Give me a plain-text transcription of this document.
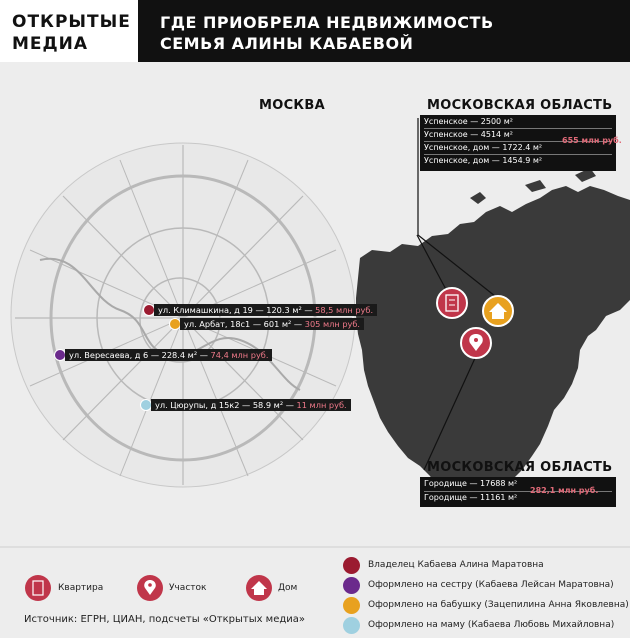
ОТКРЫТЫЕ
МЕДИА
ГДЕ ПРИОБРЕЛА НЕДВИЖИМОСТЬ
СЕМЬЯ АЛИНЫ КАБАЕВОЙ
МОСКВА	МОСКОВСКАЯ ОБЛАСТЬ
МОСКОВСКАЯ ОБЛАСТЬ
Успенское — 2500 м²
Успенское — 4514 м²
Успенское, дом — 1722.4 м²
Успенское, дом — 1454.9 м²
655 млн руб.
Городище — 17688 м²
Городище — 11161 м²
282,1 млн руб.
ул. Климашкина, д 19 — 120.3 м² — 58,5 млн руб.
ул. Арбат, 18с1 — 601 м² — 305 млн руб.
ул. Вересаева, д 6 — 228.4 м² — 74,4 млн руб.
ул. Цюрупы, д 15к2 — 58.9 м² — 11 млн руб.
Квартира	Участок	Дом
Владелец Кабаева Алина Маратовна
Оформлено на сестру (Кабаева Лейсан Маратовна)
Оформлено на бабушку (Зацепилина Анна Яковлевна)
Оформлено на маму (Кабаева Любовь Михайловна)
Источник: ЕГРН, ЦИАН, подсчеты «Открытых медиа»
